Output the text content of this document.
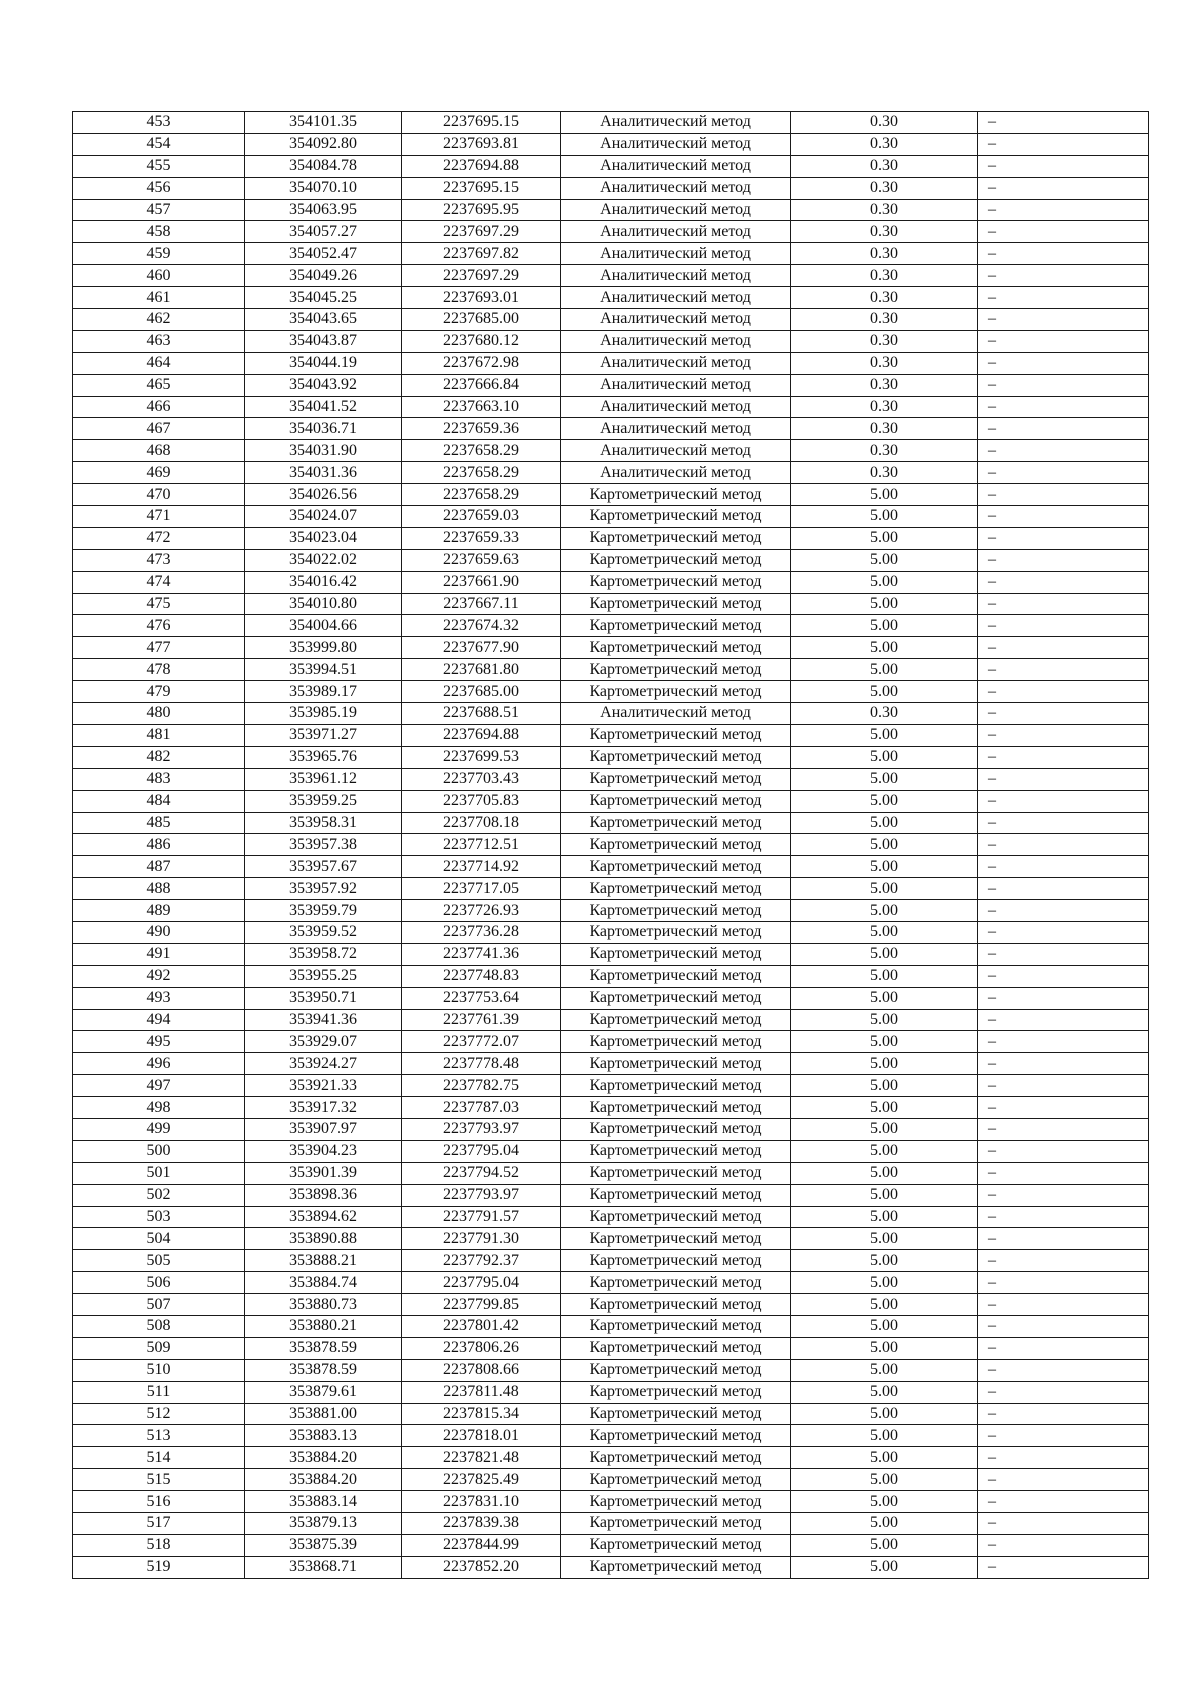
453	354101.35	2237695.15	Аналитический метод	0.30	–
454	354092.80	2237693.81	Аналитический метод	0.30	–
455	354084.78	2237694.88	Аналитический метод	0.30	–
456	354070.10	2237695.15	Аналитический метод	0.30	–
457	354063.95	2237695.95	Аналитический метод	0.30	–
458	354057.27	2237697.29	Аналитический метод	0.30	–
459	354052.47	2237697.82	Аналитический метод	0.30	–
460	354049.26	2237697.29	Аналитический метод	0.30	–
461	354045.25	2237693.01	Аналитический метод	0.30	–
462	354043.65	2237685.00	Аналитический метод	0.30	–
463	354043.87	2237680.12	Аналитический метод	0.30	–
464	354044.19	2237672.98	Аналитический метод	0.30	–
465	354043.92	2237666.84	Аналитический метод	0.30	–
466	354041.52	2237663.10	Аналитический метод	0.30	–
467	354036.71	2237659.36	Аналитический метод	0.30	–
468	354031.90	2237658.29	Аналитический метод	0.30	–
469	354031.36	2237658.29	Аналитический метод	0.30	–
470	354026.56	2237658.29	Картометрический метод	5.00	–
471	354024.07	2237659.03	Картометрический метод	5.00	–
472	354023.04	2237659.33	Картометрический метод	5.00	–
473	354022.02	2237659.63	Картометрический метод	5.00	–
474	354016.42	2237661.90	Картометрический метод	5.00	–
475	354010.80	2237667.11	Картометрический метод	5.00	–
476	354004.66	2237674.32	Картометрический метод	5.00	–
477	353999.80	2237677.90	Картометрический метод	5.00	–
478	353994.51	2237681.80	Картометрический метод	5.00	–
479	353989.17	2237685.00	Картометрический метод	5.00	–
480	353985.19	2237688.51	Аналитический метод	0.30	–
481	353971.27	2237694.88	Картометрический метод	5.00	–
482	353965.76	2237699.53	Картометрический метод	5.00	–
483	353961.12	2237703.43	Картометрический метод	5.00	–
484	353959.25	2237705.83	Картометрический метод	5.00	–
485	353958.31	2237708.18	Картометрический метод	5.00	–
486	353957.38	2237712.51	Картометрический метод	5.00	–
487	353957.67	2237714.92	Картометрический метод	5.00	–
488	353957.92	2237717.05	Картометрический метод	5.00	–
489	353959.79	2237726.93	Картометрический метод	5.00	–
490	353959.52	2237736.28	Картометрический метод	5.00	–
491	353958.72	2237741.36	Картометрический метод	5.00	–
492	353955.25	2237748.83	Картометрический метод	5.00	–
493	353950.71	2237753.64	Картометрический метод	5.00	–
494	353941.36	2237761.39	Картометрический метод	5.00	–
495	353929.07	2237772.07	Картометрический метод	5.00	–
496	353924.27	2237778.48	Картометрический метод	5.00	–
497	353921.33	2237782.75	Картометрический метод	5.00	–
498	353917.32	2237787.03	Картометрический метод	5.00	–
499	353907.97	2237793.97	Картометрический метод	5.00	–
500	353904.23	2237795.04	Картометрический метод	5.00	–
501	353901.39	2237794.52	Картометрический метод	5.00	–
502	353898.36	2237793.97	Картометрический метод	5.00	–
503	353894.62	2237791.57	Картометрический метод	5.00	–
504	353890.88	2237791.30	Картометрический метод	5.00	–
505	353888.21	2237792.37	Картометрический метод	5.00	–
506	353884.74	2237795.04	Картометрический метод	5.00	–
507	353880.73	2237799.85	Картометрический метод	5.00	–
508	353880.21	2237801.42	Картометрический метод	5.00	–
509	353878.59	2237806.26	Картометрический метод	5.00	–
510	353878.59	2237808.66	Картометрический метод	5.00	–
511	353879.61	2237811.48	Картометрический метод	5.00	–
512	353881.00	2237815.34	Картометрический метод	5.00	–
513	353883.13	2237818.01	Картометрический метод	5.00	–
514	353884.20	2237821.48	Картометрический метод	5.00	–
515	353884.20	2237825.49	Картометрический метод	5.00	–
516	353883.14	2237831.10	Картометрический метод	5.00	–
517	353879.13	2237839.38	Картометрический метод	5.00	–
518	353875.39	2237844.99	Картометрический метод	5.00	–
519	353868.71	2237852.20	Картометрический метод	5.00	–
